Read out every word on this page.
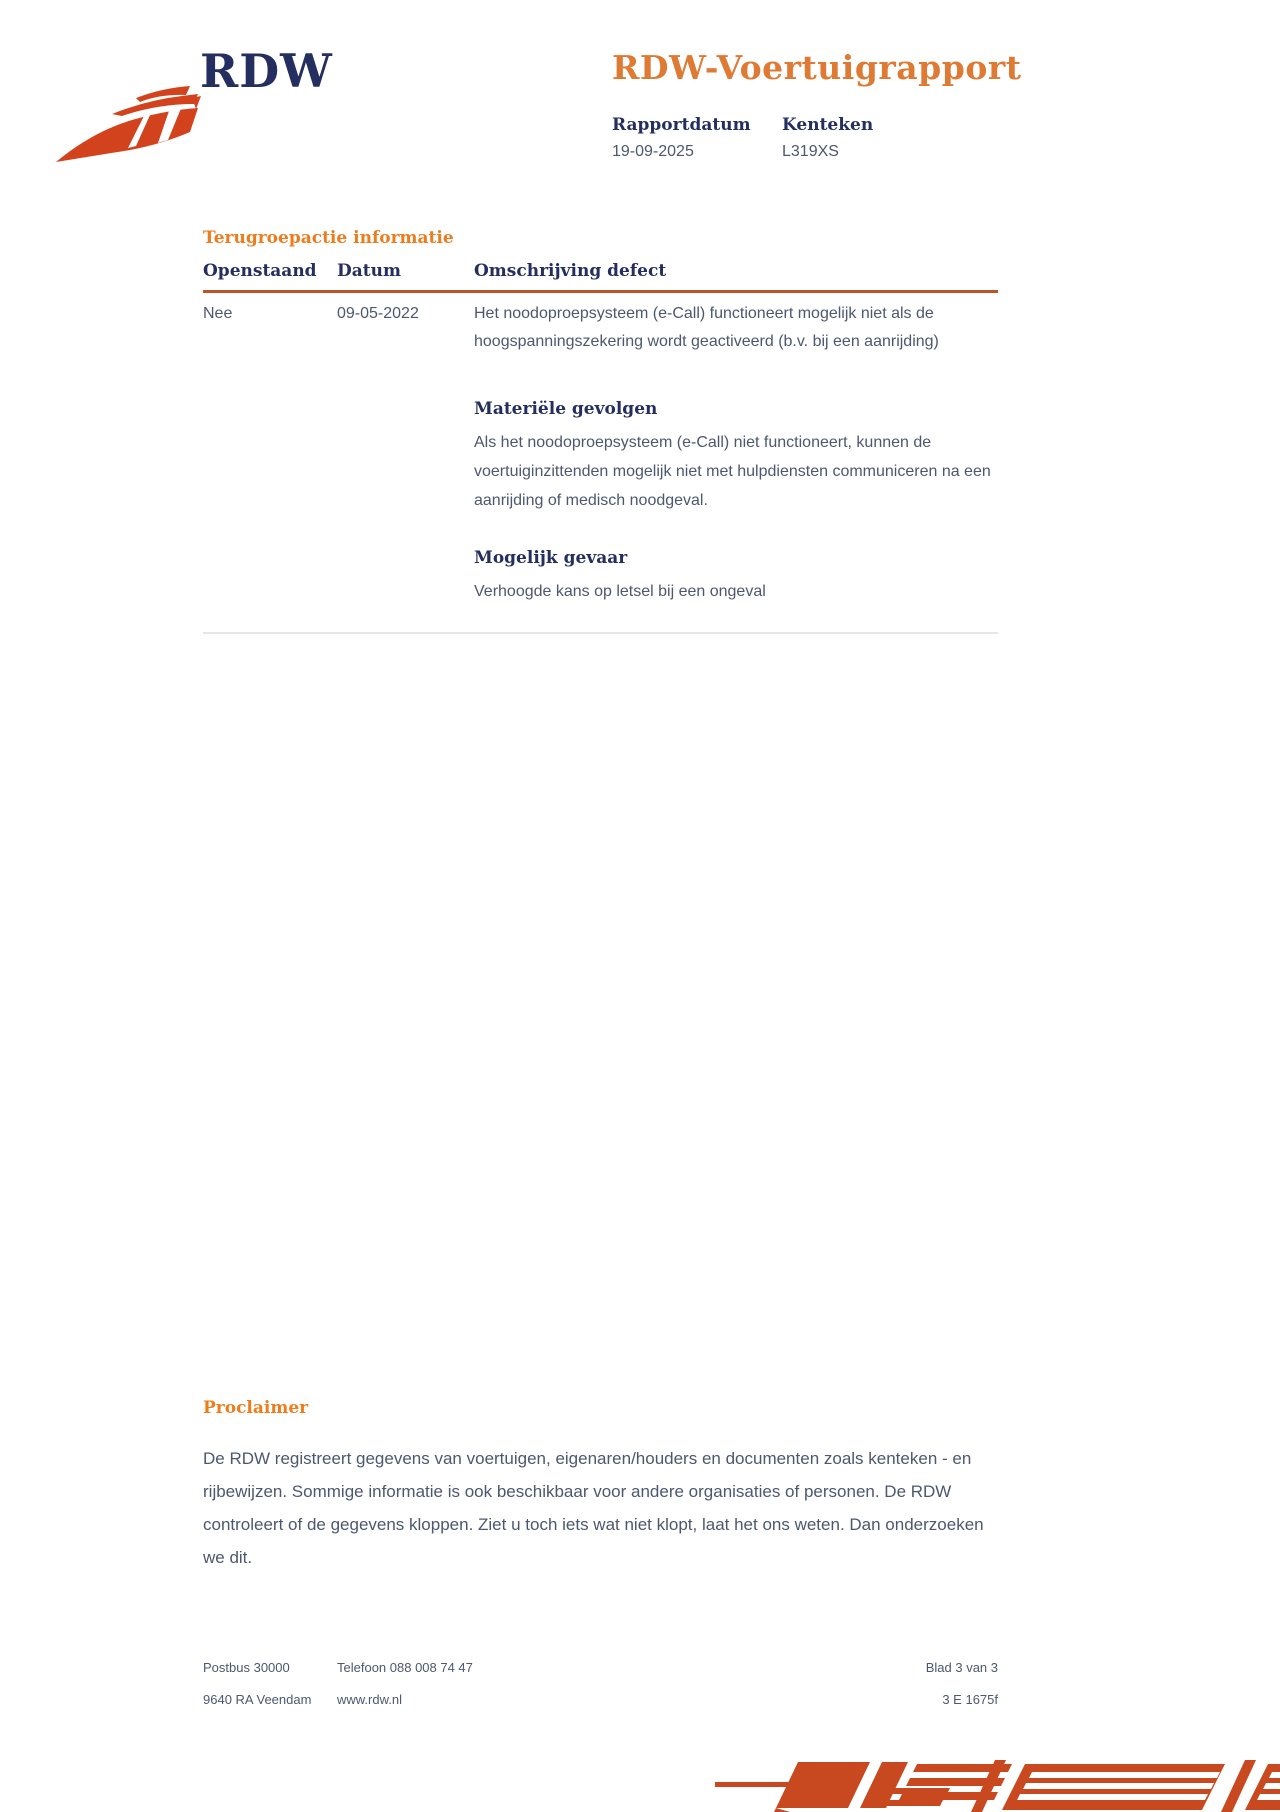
RDW	RDW-Voertuigrapport
Rapportdatum
19-09-2025
Kenteken
L319XS
Terugroepactie informatie
Openstaand	Datum	Omschrijving defect
Nee	09-05-2022	Het noodoproepsysteem (e-Call) functioneert mogelijk niet als de hoogspanningszekering wordt geactiveerd (b.v. bij een aanrijding)
Materiële gevolgen
Als het noodoproepsysteem (e-Call) niet functioneert, kunnen de voertuiginzittenden mogelijk niet met hulpdiensten communiceren na een aanrijding of medisch noodgeval.
Mogelijk gevaar
Verhoogde kans op letsel bij een ongeval
Proclaimer
De RDW registreert gegevens van voertuigen, eigenaren/houders en documenten zoals kenteken - en rijbewijzen. Sommige informatie is ook beschikbaar voor andere organisaties of personen. De RDW controleert of de gegevens kloppen. Ziet u toch iets wat niet klopt, laat het ons weten. Dan onderzoeken we dit.
Postbus 30000	Telefoon 088 008 74 47	Blad 3 van 3
9640 RA Veendam	www.rdw.nl	3 E 1675f
